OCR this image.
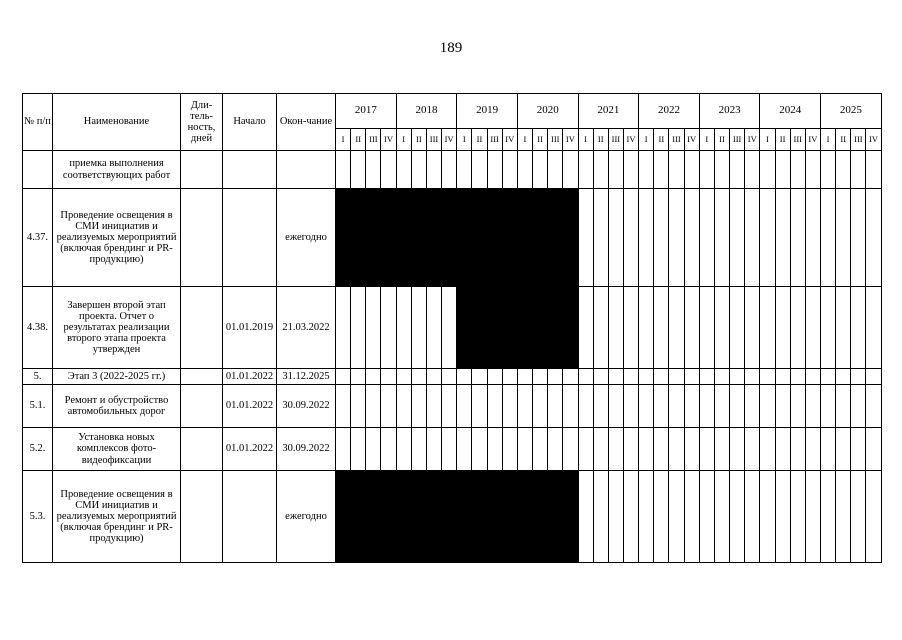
189
№ п/п	Наименование	Дли-тель-ность, дней	Начало	Окон-чание	2017				2018				2019				2020				2021				2022				2023				2024				2025			
					I	II	III	IV	I	II	III	IV	I	II	III	IV	I	II	III	IV	I	II	III	IV	I	II	III	IV	I	II	III	IV	I	II	III	IV	I	II	III	IV
	приемка выполнения соответствующих работ																																							
4.37.	Проведение освещения в СМИ инициатив и реализуемых мероприятий (включая брендинг и PR-продукцию)			ежегодно																																				
4.38.	Завершен второй этап проекта. Отчет о результатах реализации второго этапа проекта утвержден		01.01.2019	21.03.2022																																				
5.	Этап 3 (2022-2025 гг.)		01.01.2022	31.12.2025																																				
5.1.	Ремонт и обустройство автомобильных дорог		01.01.2022	30.09.2022																																				
5.2.	Установка новых комплексов фото-видеофиксации		01.01.2022	30.09.2022																																				
5.3.	Проведение освещения в СМИ инициатив и реализуемых мероприятий (включая брендинг и PR-продукцию)			ежегодно																																				
